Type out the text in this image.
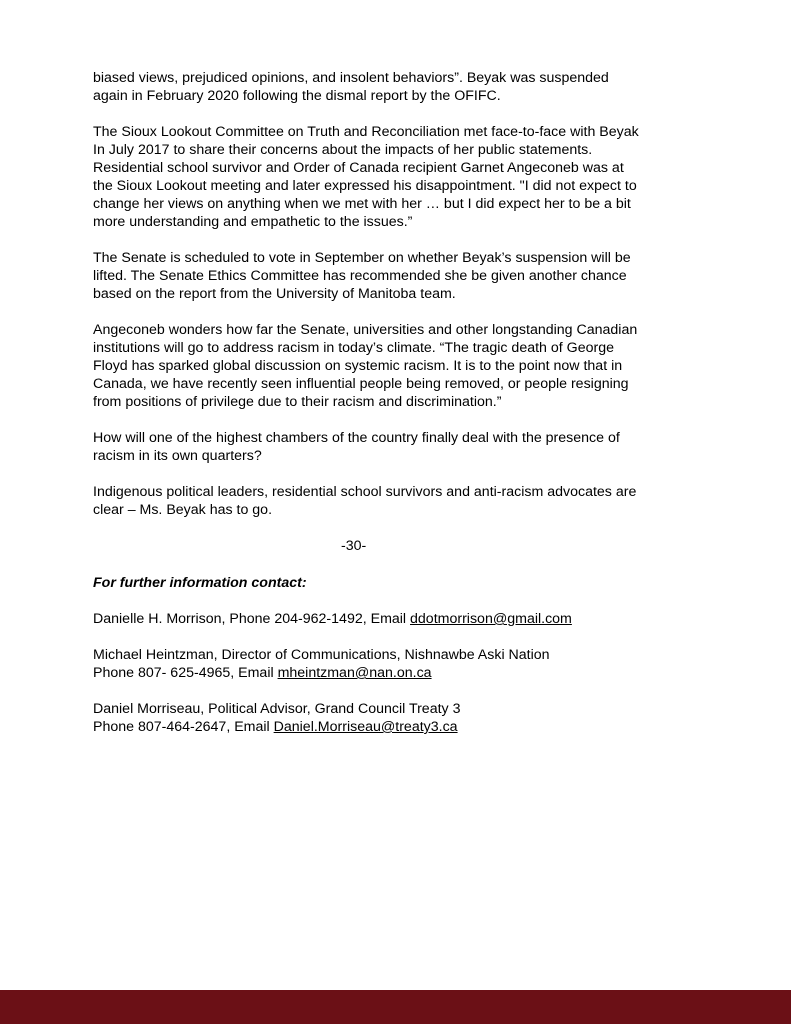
biased views, prejudiced opinions, and insolent behaviors”. Beyak was suspended
again in February 2020 following the dismal report by the OFIFC.

The Sioux Lookout Committee on Truth and Reconciliation met face-to-face with Beyak
In July 2017 to share their concerns about the impacts of her public statements.
Residential school survivor and Order of Canada recipient Garnet Angeconeb was at
the Sioux Lookout meeting and later expressed his disappointment. "I did not expect to
change her views on anything when we met with her … but I did expect her to be a bit
more understanding and empathetic to the issues.”

The Senate is scheduled to vote in September on whether Beyak’s suspension will be
lifted. The Senate Ethics Committee has recommended she be given another chance
based on the report from the University of Manitoba team.

Angeconeb wonders how far the Senate, universities and other longstanding Canadian
institutions will go to address racism in today’s climate. “The tragic death of George
Floyd has sparked global discussion on systemic racism. It is to the point now that in
Canada, we have recently seen influential people being removed, or people resigning
from positions of privilege due to their racism and discrimination.”

How will one of the highest chambers of the country finally deal with the presence of
racism in its own quarters?

Indigenous political leaders, residential school survivors and anti-racism advocates are
clear – Ms. Beyak has to go.

-30-

For further information contact:

Danielle H. Morrison, Phone 204-962-1492, Email ddotmorrison@gmail.com

Michael Heintzman, Director of Communications, Nishnawbe Aski Nation
Phone 807- 625-4965, Email mheintzman@nan.on.ca

Daniel Morriseau, Political Advisor, Grand Council Treaty 3
Phone 807-464-2647, Email Daniel.Morriseau@treaty3.ca
